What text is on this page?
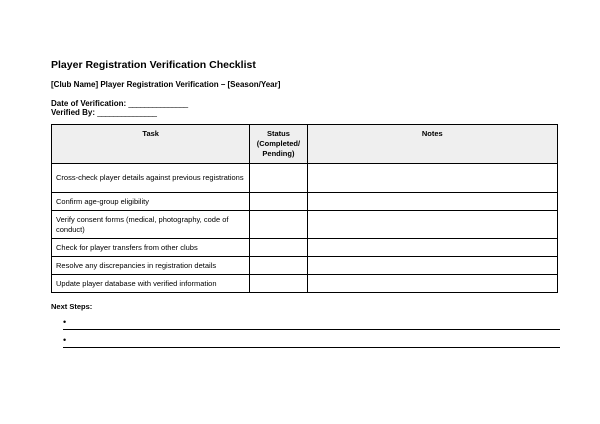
Player Registration Verification Checklist
[Club Name] Player Registration Verification – [Season/Year]
Date of Verification: _______________
Verified By: _______________
Task	Status (Completed/ Pending)	Notes
Cross-check player details against previous registrations		
Confirm age-group eligibility		
Verify consent forms (medical, photography, code of conduct)		
Check for player transfers from other clubs		
Resolve any discrepancies in registration details		
Update player database with verified information		
Next Steps:
•
•
